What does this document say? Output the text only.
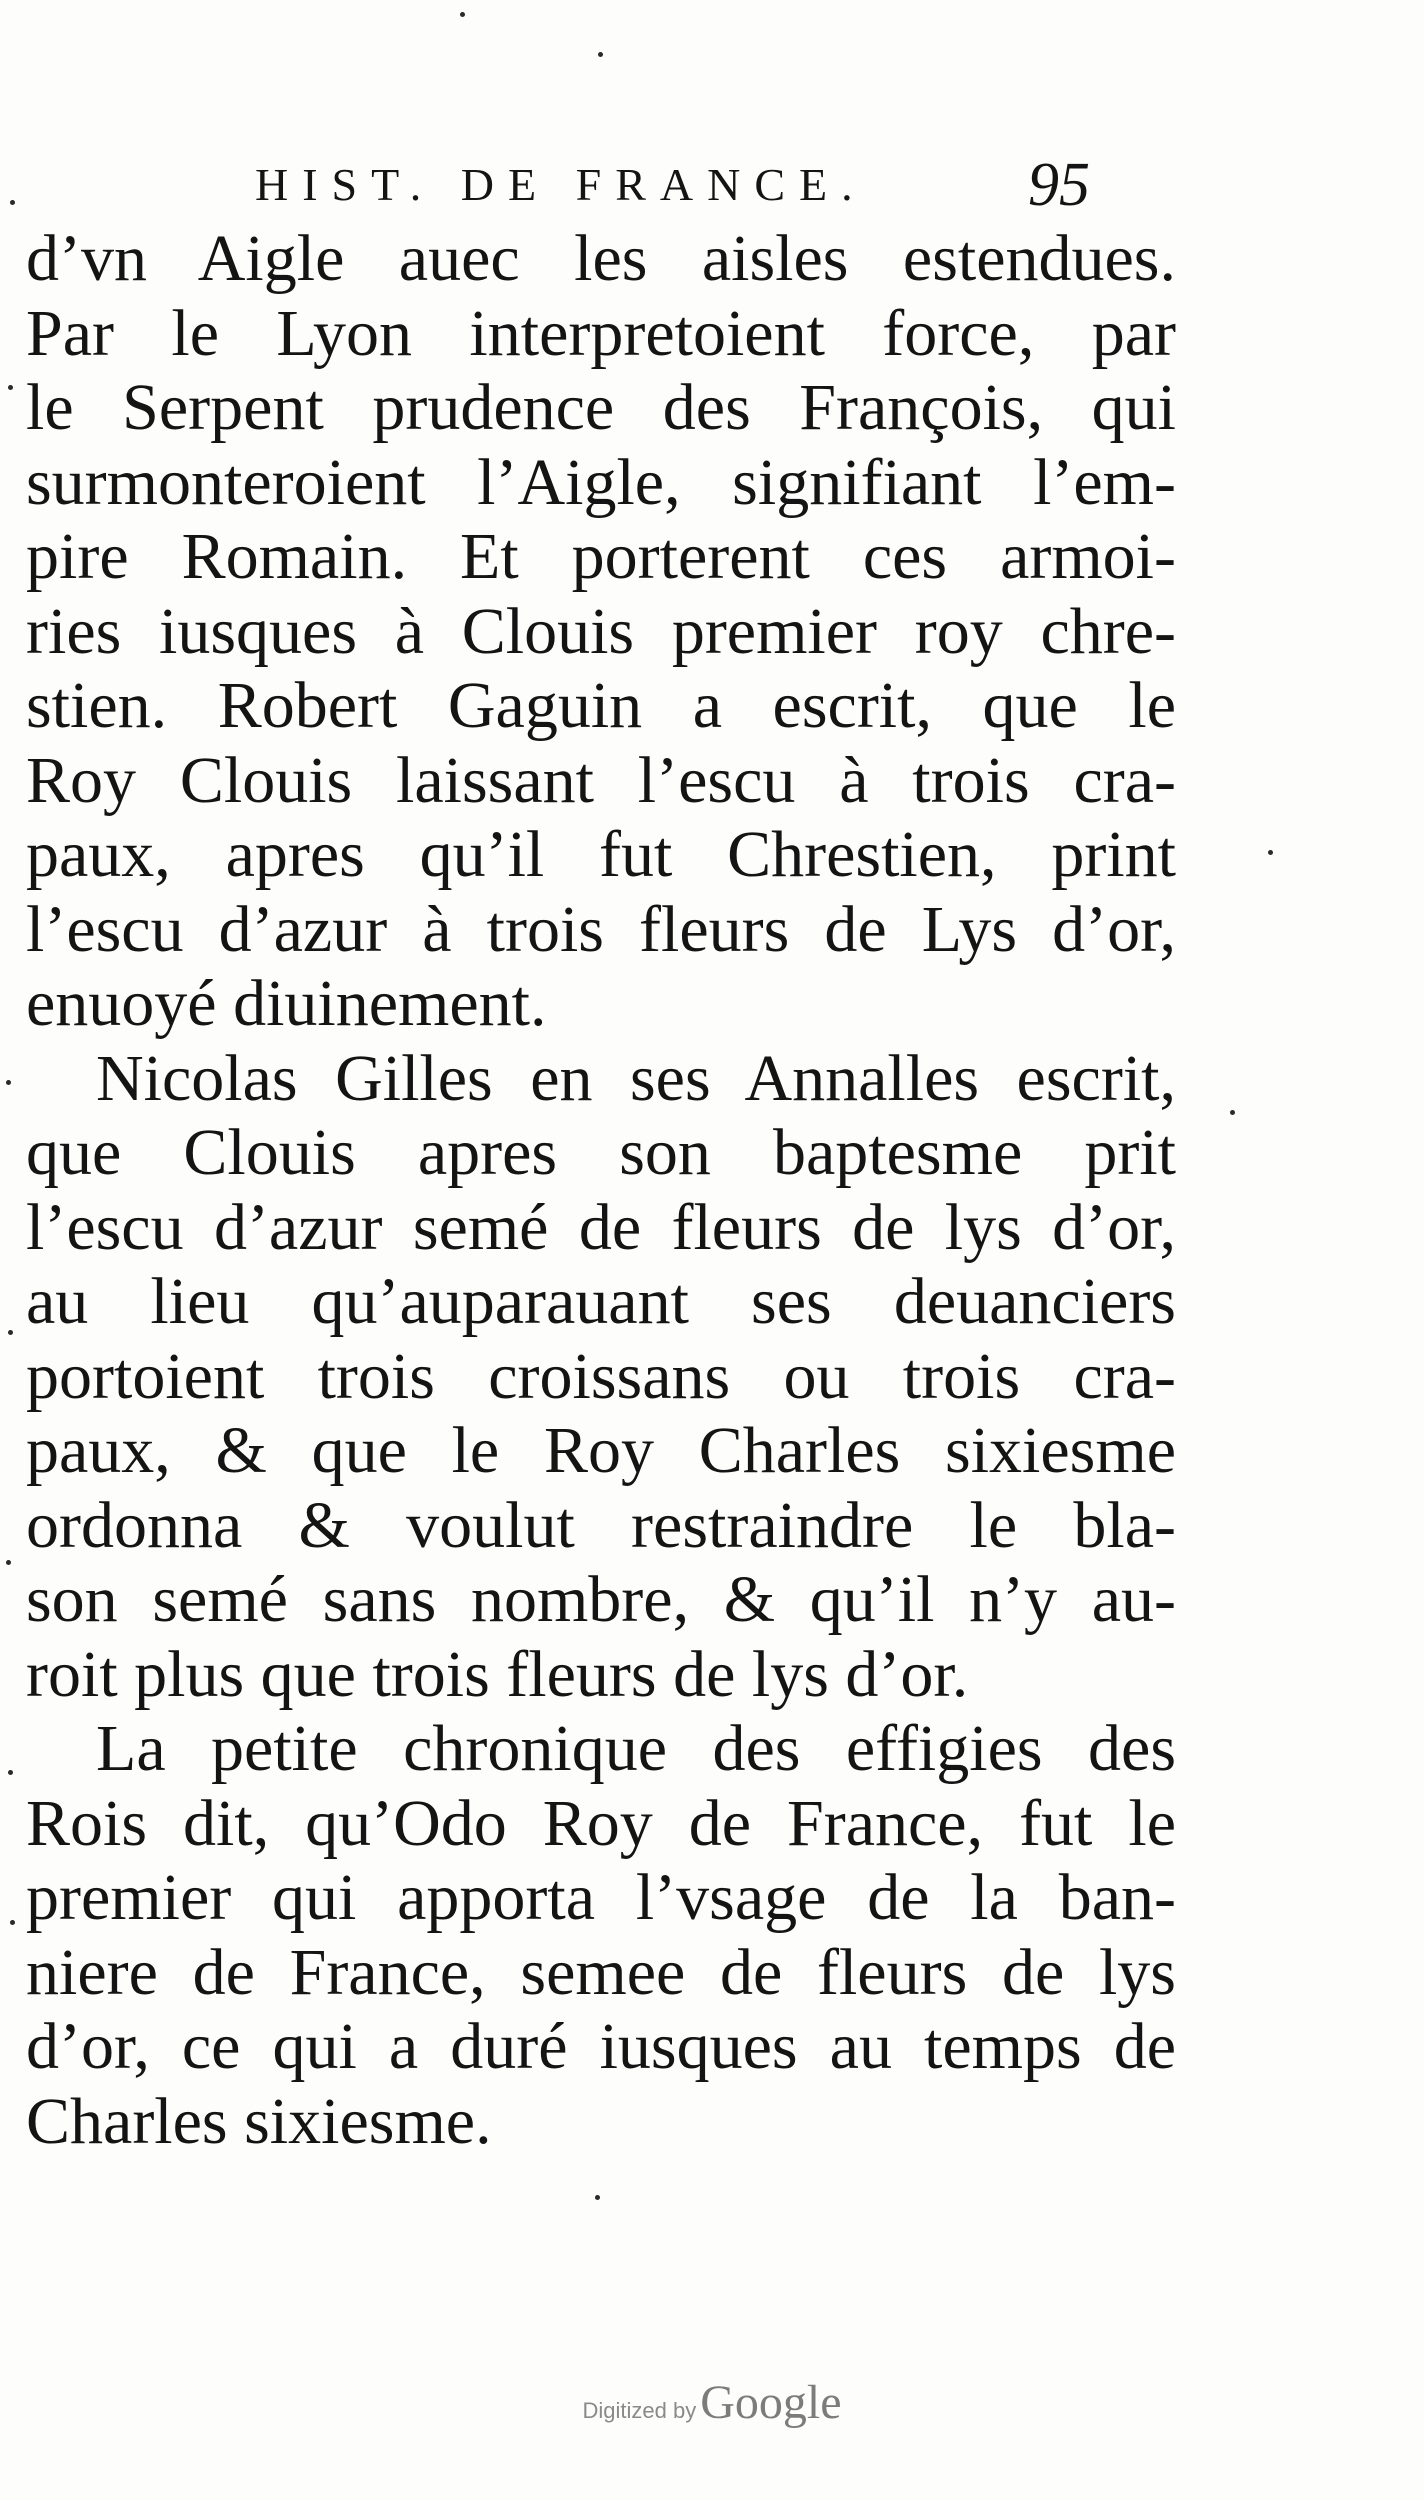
HIST. DE FRANCE.	95
d’vn Aigle auec les aisles estendues.
Par le Lyon interpretoient force, par
le Serpent prudence des François, qui
surmonteroient l’Aigle, signifiant l’em-
pire Romain. Et porterent ces armoi-
ries iusques à Clouis premier roy chre-
stien. Robert Gaguin a escrit, que le
Roy Clouis laissant l’escu à trois cra-
paux, apres qu’il fut Chrestien, print
l’escu d’azur à trois fleurs de Lys d’or,
enuoyé diuinement.
Nicolas Gilles en ses Annalles escrit,
que Clouis apres son baptesme prit
l’escu d’azur semé de fleurs de lys d’or,
au lieu qu’auparauant ses deuanciers
portoient trois croissans ou trois cra-
paux, & que le Roy Charles sixiesme
ordonna & voulut restraindre le bla-
son semé sans nombre, & qu’il n’y au-
roit plus que trois fleurs de lys d’or.
La petite chronique des effigies des
Rois dit, qu’Odo Roy de France, fut le
premier qui apporta l’vsage de la ban-
niere de France, semee de fleurs de lys
d’or, ce qui a duré iusques au temps de
Charles sixiesme.
Digitized byGoogle
